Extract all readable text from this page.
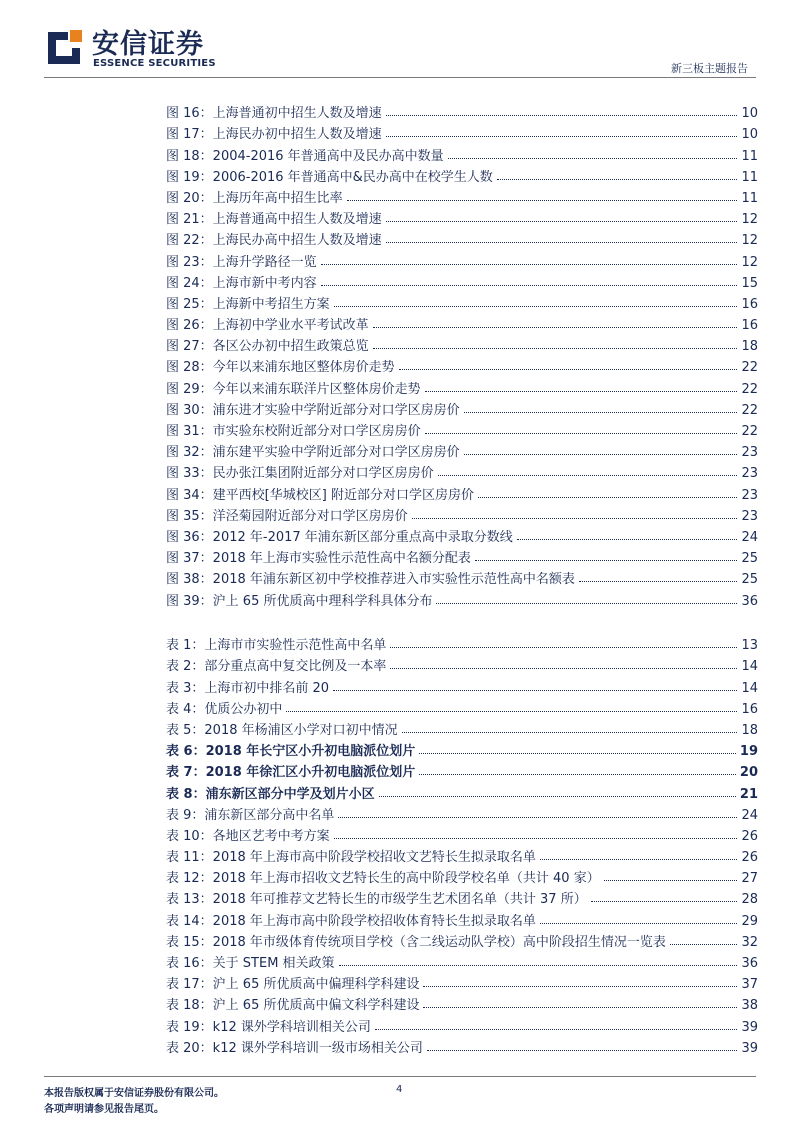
安信证券
ESSENCE SECURITIES	新三板主题报告
图 16：上海普通初中招生人数及增速	10
图 17：上海民办初中招生人数及增速	10
图 18：2004-2016 年普通高中及民办高中数量	11
图 19：2006-2016 年普通高中&民办高中在校学生人数	11
图 20：上海历年高中招生比率	11
图 21：上海普通高中招生人数及增速	12
图 22：上海民办高中招生人数及增速	12
图 23：上海升学路径一览	12
图 24：上海市新中考内容	15
图 25：上海新中考招生方案	16
图 26：上海初中学业水平考试改革	16
图 27：各区公办初中招生政策总览	18
图 28：今年以来浦东地区整体房价走势	22
图 29：今年以来浦东联洋片区整体房价走势	22
图 30：浦东进才实验中学附近部分对口学区房房价	22
图 31：市实验东校附近部分对口学区房房价	22
图 32：浦东建平实验中学附近部分对口学区房房价	23
图 33：民办张江集团附近部分对口学区房房价	23
图 34：建平西校[华城校区] 附近部分对口学区房房价	23
图 35：洋泾菊园附近部分对口学区房房价	23
图 36：2012 年-2017 年浦东新区部分重点高中录取分数线	24
图 37：2018 年上海市实验性示范性高中名额分配表	25
图 38：2018 年浦东新区初中学校推荐进入市实验性示范性高中名额表	25
图 39：沪上 65 所优质高中理科学科具体分布	36
表 1：上海市市实验性示范性高中名单	13
表 2：部分重点高中复交比例及一本率	14
表 3：上海市初中排名前 20	14
表 4：优质公办初中	16
表 5：2018 年杨浦区小学对口初中情况	18
表 6：2018 年长宁区小升初电脑派位划片	19
表 7：2018 年徐汇区小升初电脑派位划片	20
表 8：浦东新区部分中学及划片小区	21
表 9：浦东新区部分高中名单	24
表 10：各地区艺考中考方案	26
表 11：2018 年上海市高中阶段学校招收文艺特长生拟录取名单	26
表 12：2018 年上海市招收文艺特长生的高中阶段学校名单（共计 40 家）	27
表 13：2018 年可推荐文艺特长生的市级学生艺术团名单（共计 37 所）	28
表 14：2018 年上海市高中阶段学校招收体育特长生拟录取名单	29
表 15：2018 年市级体育传统项目学校（含二线运动队学校）高中阶段招生情况一览表	32
表 16：关于 STEM 相关政策	36
表 17：沪上 65 所优质高中偏理科学科建设	37
表 18：沪上 65 所优质高中偏文科学科建设	38
表 19：k12 课外学科培训相关公司	39
表 20：k12 课外学科培训一级市场相关公司	39
本报告版权属于安信证券股份有限公司。
各项声明请参见报告尾页。
4
